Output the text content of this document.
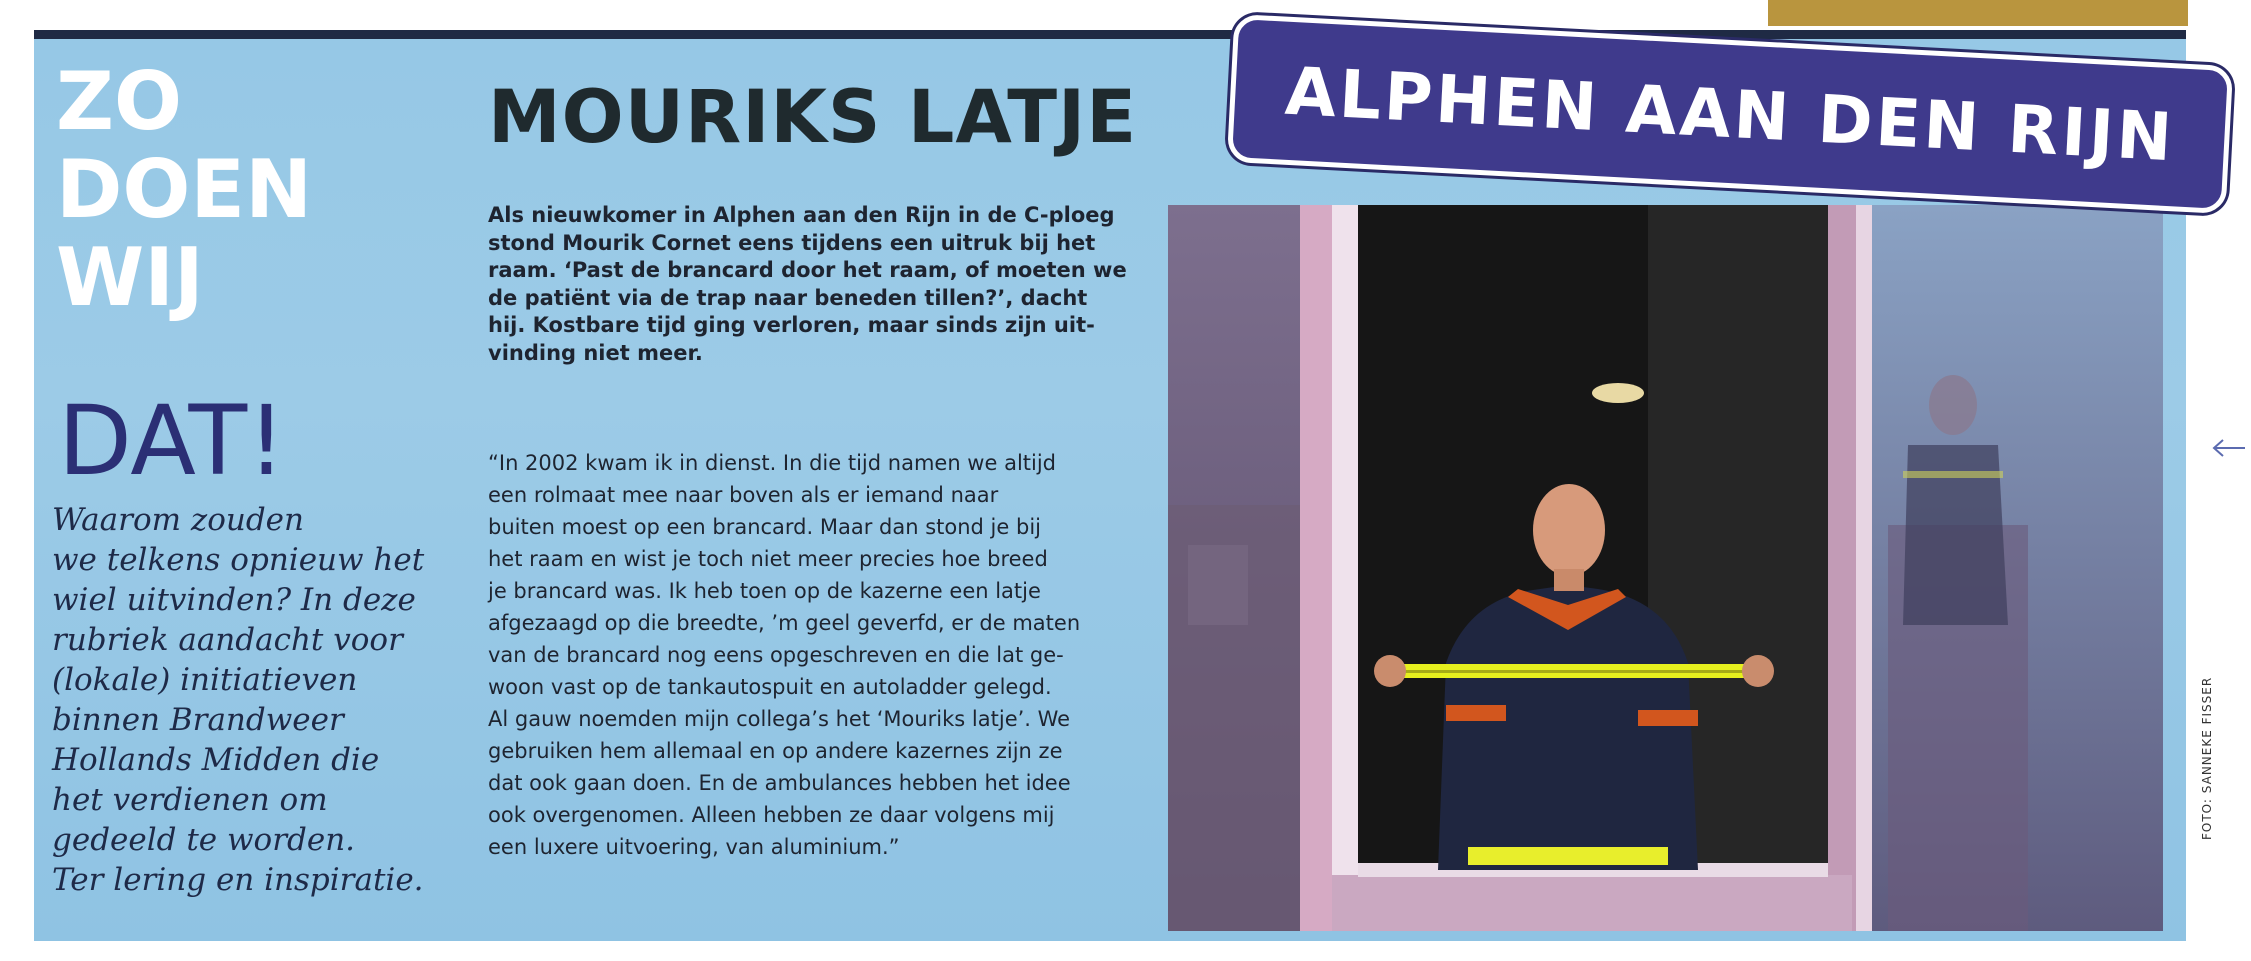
ZO
DOEN
WIJ
DAT!

Waarom zouden
we telkens opnieuw het
wiel uitvinden? In deze
rubriek aandacht voor
(lokale) initiatieven
binnen Brandweer
Hollands Midden die
het verdienen om
gedeeld te worden.
Ter lering en inspiratie.

MOURIKS LATJE

Als nieuwkomer in Alphen aan den Rijn in de C-ploeg
stond Mourik Cornet eens tijdens een uitruk bij het
raam. ‘Past de brancard door het raam, of moeten we
de patiënt via de trap naar beneden tillen?’, dacht
hij. Kostbare tijd ging verloren, maar sinds zijn uit-
vinding niet meer.

“In 2002 kwam ik in dienst. In die tijd namen we altijd
een rolmaat mee naar boven als er iemand naar
buiten moest op een brancard. Maar dan stond je bij
het raam en wist je toch niet meer precies hoe breed
je brancard was. Ik heb toen op de kazerne een latje
afgezaagd op die breedte, ’m geel geverfd, er de maten
van de brancard nog eens opgeschreven en die lat ge-
woon vast op de tankautospuit en autoladder gelegd.
Al gauw noemden mijn collega’s het ‘Mouriks latje’. We
gebruiken hem allemaal en op andere kazernes zijn ze
dat ook gaan doen. En de ambulances hebben het idee
ook overgenomen. Alleen hebben ze daar volgens mij
een luxere uitvoering, van aluminium.”

ALPHEN AAN DEN RIJN
FOTO: SANNEKE FISSER
